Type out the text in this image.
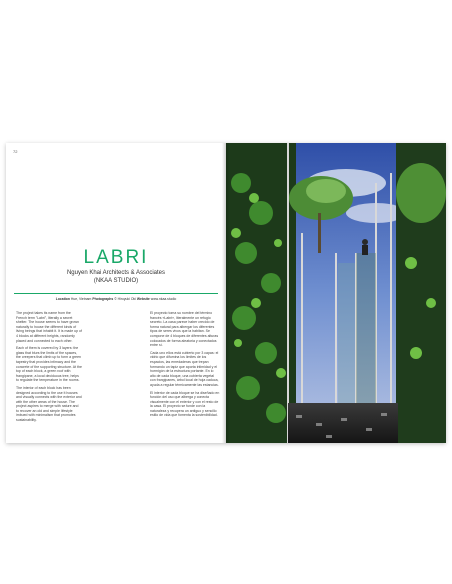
72
LABRI
Nguyen Khai Architects & Associates
(NKAA STUDIO)
Location Hue, Vietnam Photographs © Hiroyuki Oki Website www.nkaa.studio

The project takes its name from the French term "Labri", literally a secret shelter. The house seems to have grown naturally to house the different kinds of living beings that inhabit it. It is made up of 4 blocks at different heights, randomly placed and connected to each other.

Each of them is covered by 3 layers: the glass that blurs the limits of the spaces, the creepers that climb up to form a green tapestry that provides intimacy and the concrete of the supporting structure. At the top of each block, a green roof with frangipane, a local deciduous tree, helps to regulate the temperature in the rooms.

The interior of each block has been designed according to the use it houses and visually connects with the exterior and with the other areas of the house. The project aspires to merge with nature and to recover an old and simple lifestyle imbued with minimalism that promotes sustainability.

El proyecto toma su nombre del término francés «Labri», literalmente un refugio secreto. La casa parece haber crecido de forma natural para albergar los diferentes tipos de seres vivos que la habitan. Se compone de 4 bloques de diferentes alturas colocados de forma aleatoria y conectados entre sí.

Cada uno ellos está cubierto por 3 capas: el vidrio que difumina los límites de los espacios, las enredaderas que trepan formando un tapiz que aporta intimidad y el hormigón de la estructura portante. En lo alto de cada bloque, una cubierta vegetal con frangipanes, árbol local de hoja caduca, ayuda a regular térmicamente las estancias.

El interior de cada bloque se ha diseñado en función del uso que alberga y conecta visualmente con el exterior y con el resto de la casa. El proyecto se funde con la naturaleza y recupera un antiguo y sencillo estilo de vida que fomenta la sostenibilidad.
